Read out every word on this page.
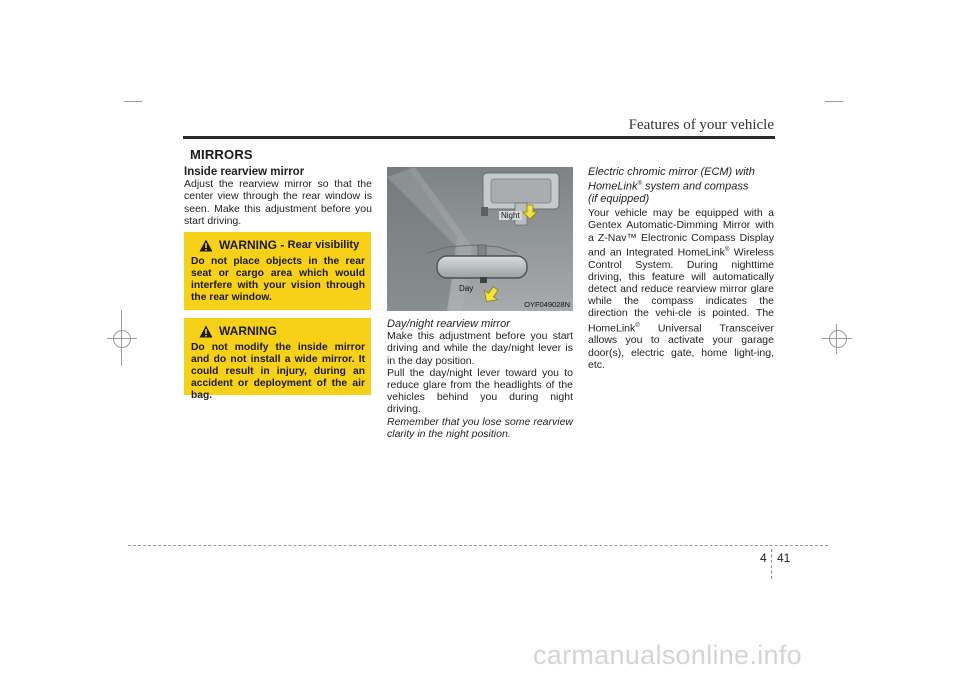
Features of your vehicle
MIRRORS

Inside rearview mirror

Adjust the rearview mirror so that the center view through the rear window is seen. Make this adjustment before you start driving.

WARNING -
Rear visibility
Do not place objects in the rear seat or cargo area which would interfere with your vision through the rear window.
WARNING
Do not modify the inside mirror and do not install a wide mirror. It could result in injury, during an accident or deployment of the air bag.
Night
Day
OYF049028N

Day/night rearview mirror

Make this adjustment before you start driving and while the day/night lever is in the day position.

Pull the day/night lever toward you to reduce glare from the headlights of the vehicles behind you during night driving.

Remember that you lose some rearview clarity in the night position.

Electric chromic mirror (ECM) with
HomeLink® system and compass
(if equipped)

Your vehicle may be equipped with a Gentex Automatic-Dimming Mirror with a Z-Nav™ Electronic Compass Display and an Integrated HomeLink® Wireless Control System. During nighttime driving, this feature will automatically detect and reduce rearview mirror glare while the compass indicates the direction the vehi-cle is pointed. The HomeLink® Universal Transceiver allows you to activate your garage door(s), electric gate, home light-ing, etc.

4 41
carmanualsonline.info
